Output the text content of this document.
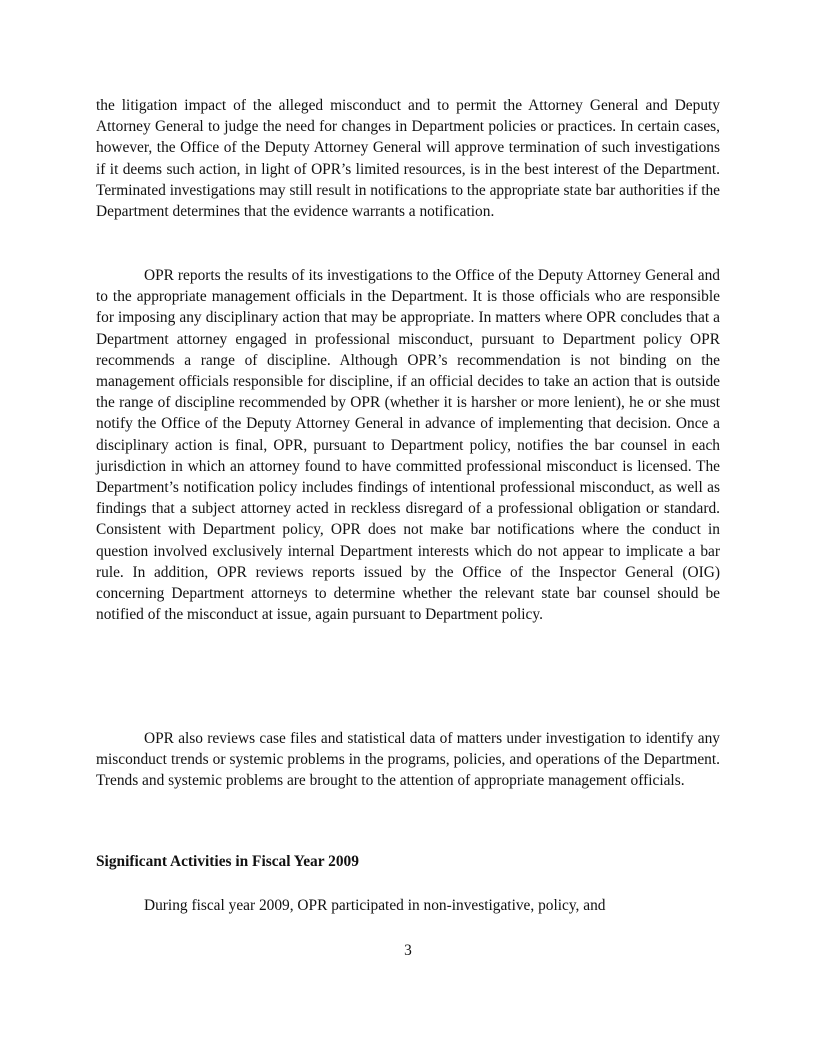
the litigation impact of the alleged misconduct and to permit the Attorney General and Deputy Attorney General to judge the need for changes in Department policies or practices. In certain cases, however, the Office of the Deputy Attorney General will approve termination of such investigations if it deems such action, in light of OPR’s limited resources, is in the best interest of the Department. Terminated investigations may still result in notifications to the appropriate state bar authorities if the Department determines that the evidence warrants a notification.

OPR reports the results of its investigations to the Office of the Deputy Attorney General and to the appropriate management officials in the Department. It is those officials who are responsible for imposing any disciplinary action that may be appropriate. In matters where OPR concludes that a Department attorney engaged in professional misconduct, pursuant to Department policy OPR recommends a range of discipline. Although OPR’s recommendation is not binding on the management officials responsible for discipline, if an official decides to take an action that is outside the range of discipline recommended by OPR (whether it is harsher or more lenient), he or she must notify the Office of the Deputy Attorney General in advance of implementing that decision. Once a disciplinary action is final, OPR, pursuant to Department policy, notifies the bar counsel in each jurisdiction in which an attorney found to have committed professional misconduct is licensed. The Department’s notification policy includes findings of intentional professional misconduct, as well as findings that a subject attorney acted in reckless disregard of a professional obligation or standard. Consistent with Department policy, OPR does not make bar notifications where the conduct in question involved exclusively internal Department interests which do not appear to implicate a bar rule. In addition, OPR reviews reports issued by the Office of the Inspector General (OIG) concerning Department attorneys to determine whether the relevant state bar counsel should be notified of the misconduct at issue, again pursuant to Department policy.

OPR also reviews case files and statistical data of matters under investigation to identify any misconduct trends or systemic problems in the programs, policies, and operations of the Department. Trends and systemic problems are brought to the attention of appropriate management officials.

Significant Activities in Fiscal Year 2009

During fiscal year 2009, OPR participated in non-investigative, policy, and

3
